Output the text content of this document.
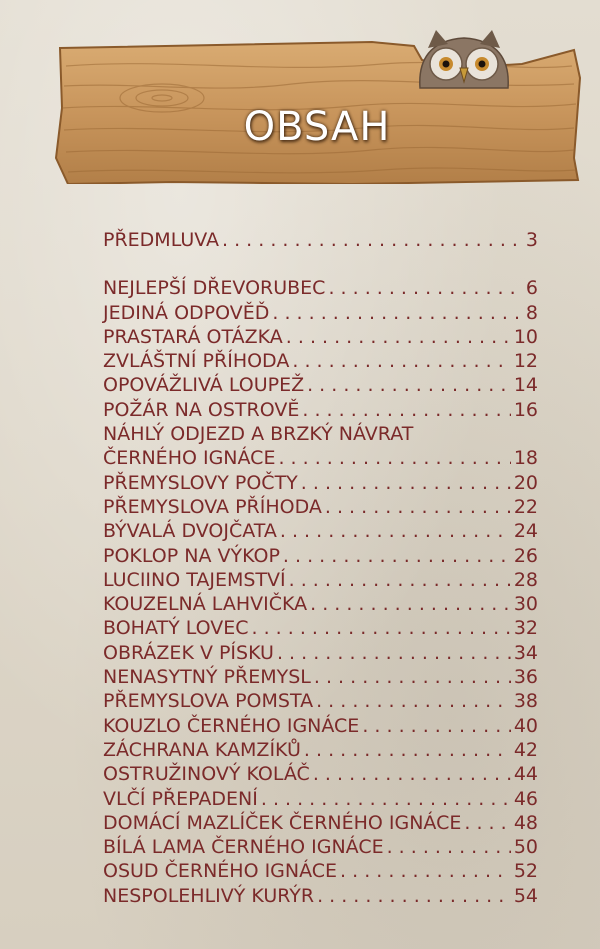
OBSAH
PŘEDMLUVA . . .	3
NEJLEPŠÍ DŘEVORUBEC . . .	6
JEDINÁ ODPOVĚĎ . . .	8
PRASTARÁ OTÁZKA . . .	10
ZVLÁŠTNÍ PŘÍHODA . . .	12
OPOVÁŽLIVÁ LOUPEŽ . . .	14
POŽÁR NA OSTROVĚ . . .	16
NÁHLÝ ODJEZD A BRZKÝ NÁVRAT
ČERNÉHO IGNÁCE . . .	18
PŘEMYSLOVY POČTY . . .	20
PŘEMYSLOVA PŘÍHODA . . .	22
BÝVALÁ DVOJČATA . . .	24
POKLOP NA VÝKOP . . .	26
LUCIINO TAJEMSTVÍ . . .	28
KOUZELNÁ LAHVIČKA . . .	30
BOHATÝ LOVEC . . .	32
OBRÁZEK V PÍSKU . . .	34
NENASYTNÝ PŘEMYSL . . .	36
PŘEMYSLOVA POMSTA . . .	38
KOUZLO ČERNÉHO IGNÁCE . . .	40
ZÁCHRANA KAMZÍKŮ . . .	42
OSTRUŽINOVÝ KOLÁČ . . .	44
VLČÍ PŘEPADENÍ . . .	46
DOMÁCÍ MAZLÍČEK ČERNÉHO IGNÁCE . . .	48
BÍLÁ LAMA ČERNÉHO IGNÁCE . . .	50
OSUD ČERNÉHO IGNÁCE . . .	52
NESPOLEHLIVÝ KURÝR . . .	54
